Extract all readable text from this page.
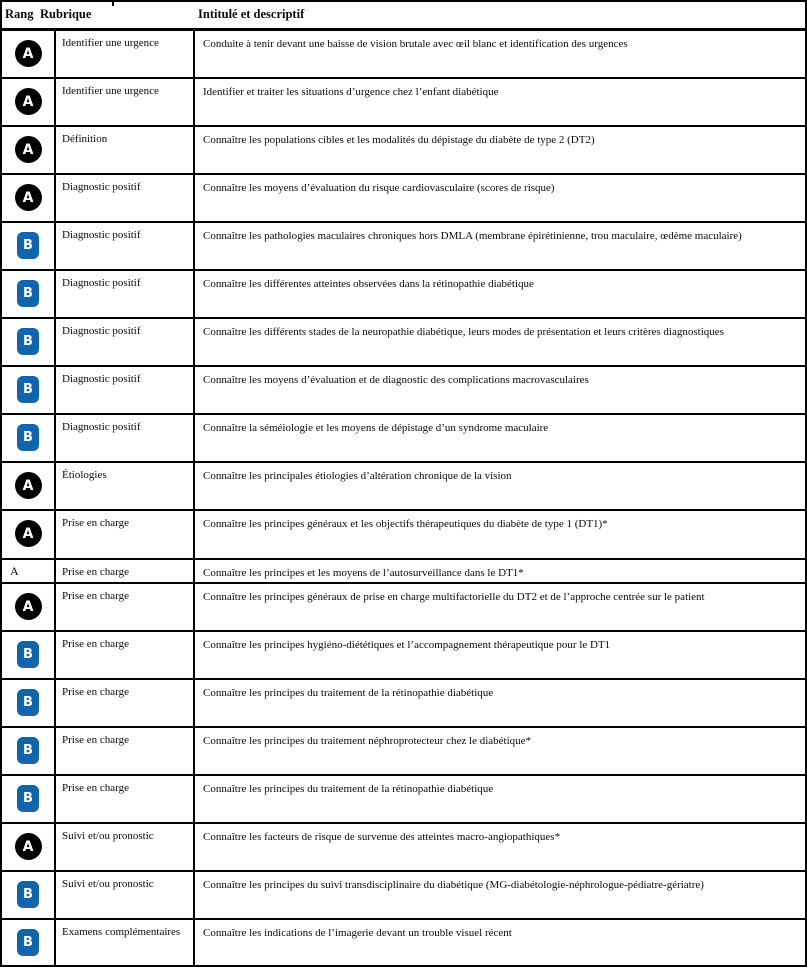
Rang Rubrique	Intitulé et descriptif
A
Identifier une urgence	Conduite à tenir devant une baisse de vision brutale avec œil blanc et identification des urgences
A
Identifier une urgence	Identifier et traiter les situations d’urgence chez l’enfant diabétique
A
Définition	Connaître les populations cibles et les modalités du dépistage du diabète de type 2 (DT2)
A
Diagnostic positif	Connaître les moyens d’évaluation du risque cardiovasculaire (scores de risque)
B
Diagnostic positif	Connaître les pathologies maculaires chroniques hors DMLA (membrane épirétinienne, trou maculaire, œdème maculaire)
B
Diagnostic positif	Connaître les différentes atteintes observées dans la rétinopathie diabétique
B
Diagnostic positif	Connaître les différents stades de la neuropathie diabétique, leurs modes de présentation et leurs critères diagnostiques
B
Diagnostic positif	Connaître les moyens d’évaluation et de diagnostic des complications macrovasculaires
B
Diagnostic positif	Connaître la séméiologie et les moyens de dépistage d’un syndrome maculaire
A
Étiologies	Connaître les principales étiologies d’altération chronique de la vision
A
Prise en charge	Connaître les principes généraux et les objectifs thérapeutiques du diabète de type 1 (DT1)*
A	Prise en charge	Connaître les principes et les moyens de l’autosurveillance dans le DT1*
A
Prise en charge	Connaître les principes généraux de prise en charge multifactorielle du DT2 et de l’approche centrée sur le patient
B
Prise en charge	Connaître les principes hygiéno-diététiques et l’accompagnement thérapeutique pour le DT1
B
Prise en charge	Connaître les principes du traitement de la rétinopathie diabétique
B
Prise en charge	Connaître les principes du traitement néphroprotecteur chez le diabétique*
B
Prise en charge	Connaître les principes du traitement de la rétinopathie diabétique
A
Suivi et/ou pronostic	Connaître les facteurs de risque de survenue des atteintes macro-angiopathiques*
B
Suivi et/ou pronostic	Connaître les principes du suivi transdisciplinaire du diabétique (MG-diabétologie-néphrologue-pédiatre-gériatre)
B
Examens complémentaires	Connaître les indications de l’imagerie devant un trouble visuel récent
